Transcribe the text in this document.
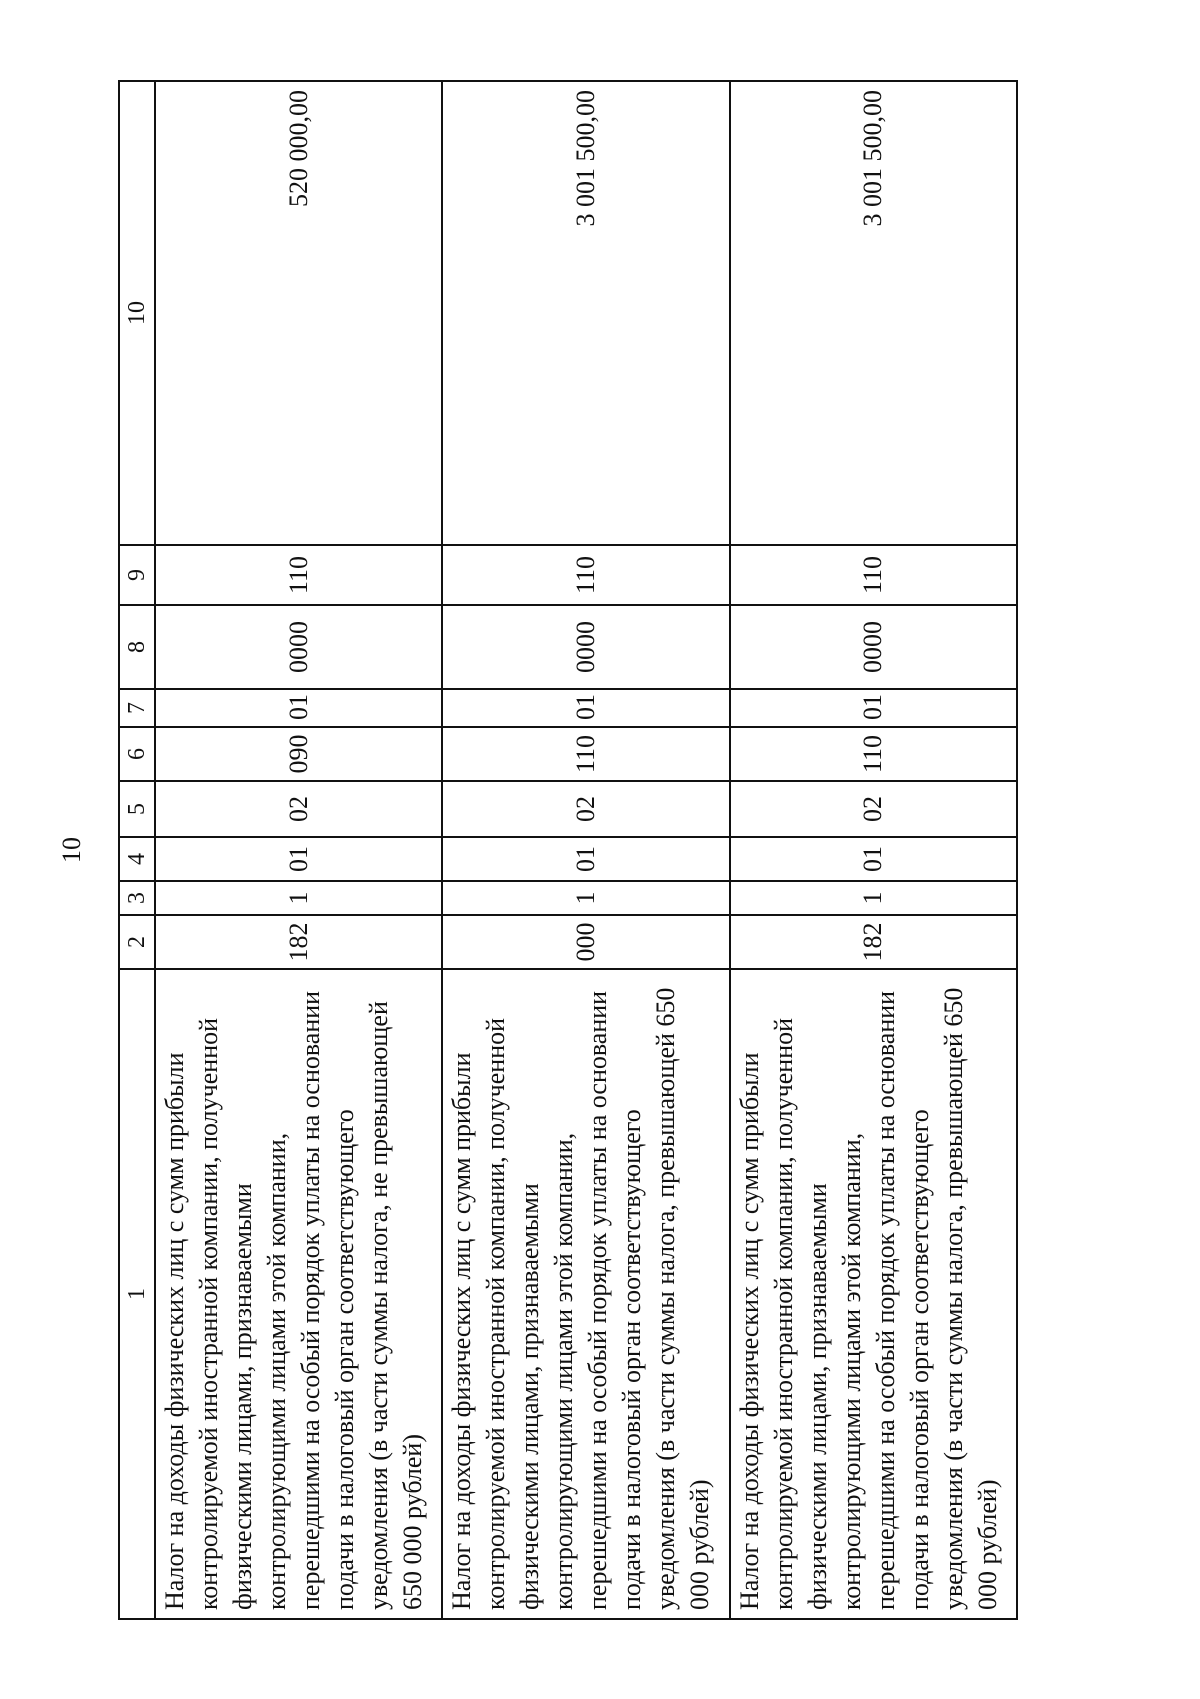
10
1	2	3	4	5	6	7	8	9	10
Налог на доходы физических лиц с сумм прибыли контролируемой иностранной компании, полученной физическими лицами, признаваемыми контролирующими лицами этой компании, перешедшими на особый порядок уплаты на основании подачи в налоговый орган соответствующего уведомления (в части суммы налога, не превышающей 650 000 рублей)	182	1	01	02	090	01	0000	110	520 000,00
Налог на доходы физических лиц с сумм прибыли контролируемой иностранной компании, полученной физическими лицами, признаваемыми контролирующими лицами этой компании, перешедшими на особый порядок уплаты на основании подачи в налоговый орган соответствующего уведомления (в части суммы налога, превышающей 650 000 рублей)	000	1	01	02	110	01	0000	110	3 001 500,00
Налог на доходы физических лиц с сумм прибыли контролируемой иностранной компании, полученной физическими лицами, признаваемыми контролирующими лицами этой компании, перешедшими на особый порядок уплаты на основании подачи в налоговый орган соответствующего уведомления (в части суммы налога, превышающей 650 000 рублей)	182	1	01	02	110	01	0000	110	3 001 500,00
